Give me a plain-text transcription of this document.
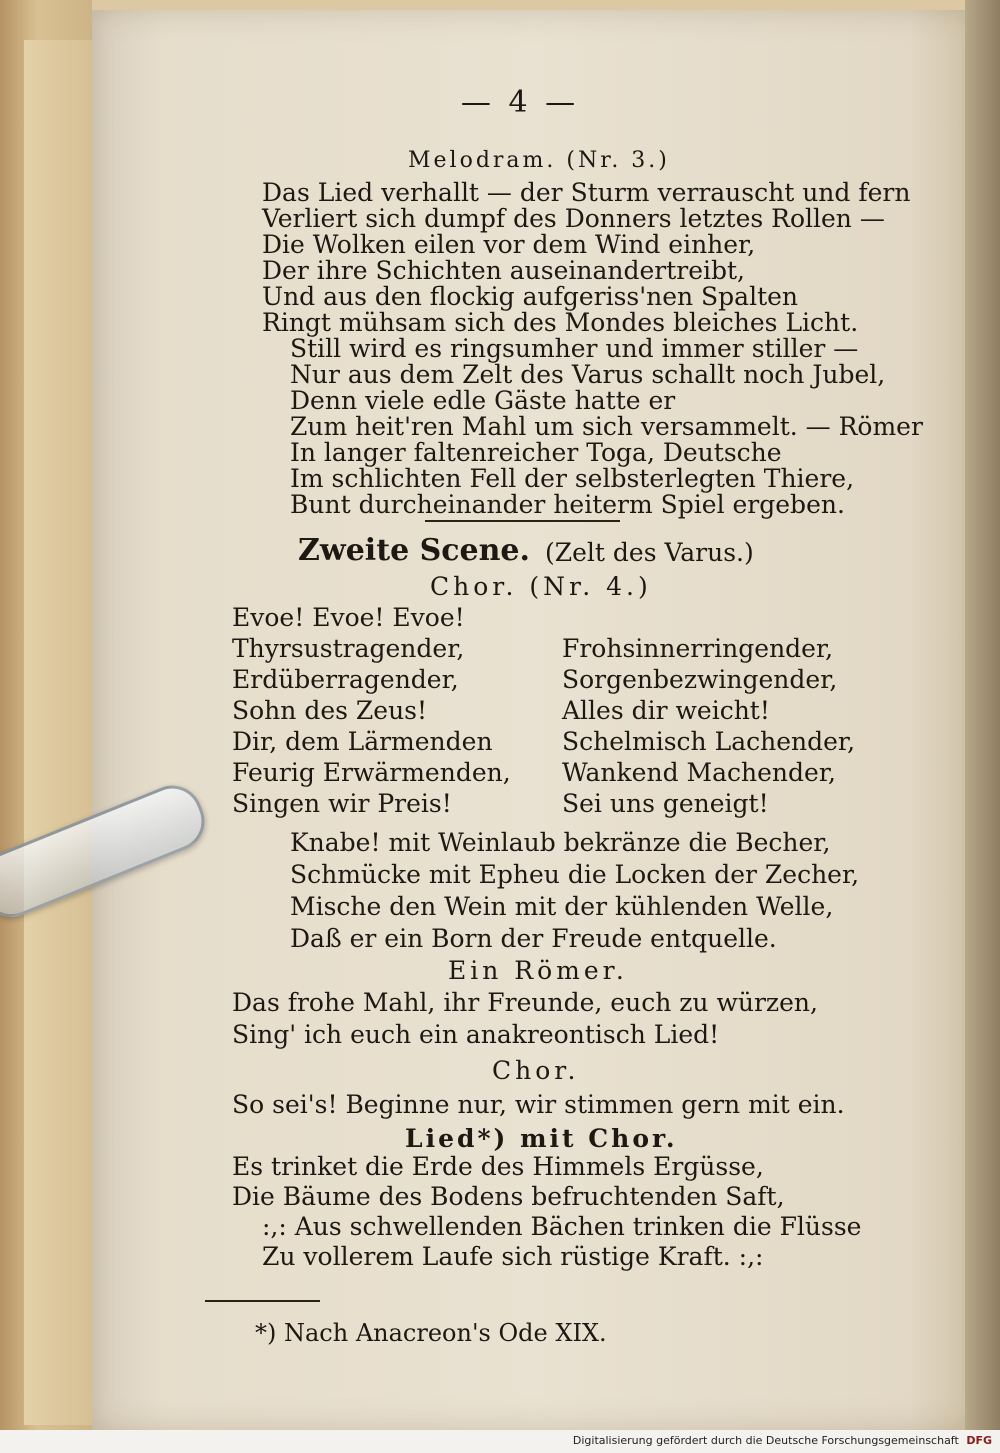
— 4 —
Melodram. (Nr. 3.)
Das Lied verhallt — der Sturm verrauscht und fern
Verliert sich dumpf des Donners letztes Rollen —
Die Wolken eilen vor dem Wind einher,
Der ihre Schichten auseinandertreibt,
Und aus den flockig aufgeriss'nen Spalten
Ringt mühsam sich des Mondes bleiches Licht.
Still wird es ringsumher und immer stiller —
Nur aus dem Zelt des Varus schallt noch Jubel,
Denn viele edle Gäste hatte er
Zum heit'ren Mahl um sich versammelt. — Römer
In langer faltenreicher Toga, Deutsche
Im schlichten Fell der selbsterlegten Thiere,
Bunt durcheinander heiterm Spiel ergeben.
Zweite Scene. (Zelt des Varus.)
Chor. (Nr. 4.)
Evoe! Evoe! Evoe!
Thyrsustragender,
Erdüberragender,
Sohn des Zeus!
Dir, dem Lärmenden
Feurig Erwärmenden,
Singen wir Preis!
Frohsinnerringender,
Sorgenbezwingender,
Alles dir weicht!
Schelmisch Lachender,
Wankend Machender,
Sei uns geneigt!
Knabe! mit Weinlaub bekränze die Becher,
Schmücke mit Epheu die Locken der Zecher,
Mische den Wein mit der kühlenden Welle,
Daß er ein Born der Freude entquelle.
Ein Römer.
Das frohe Mahl, ihr Freunde, euch zu würzen,
Sing' ich euch ein anakreontisch Lied!
Chor.
So sei's! Beginne nur, wir stimmen gern mit ein.
Lied*) mit Chor.
Es trinket die Erde des Himmels Ergüsse,
Die Bäume des Bodens befruchtenden Saft,
:,: Aus schwellenden Bächen trinken die Flüsse
Zu vollerem Laufe sich rüstige Kraft. :,:
*) Nach Anacreon's Ode XIX.
Digitalisierung gefördert durch die Deutsche Forschungsgemeinschaft DFG
